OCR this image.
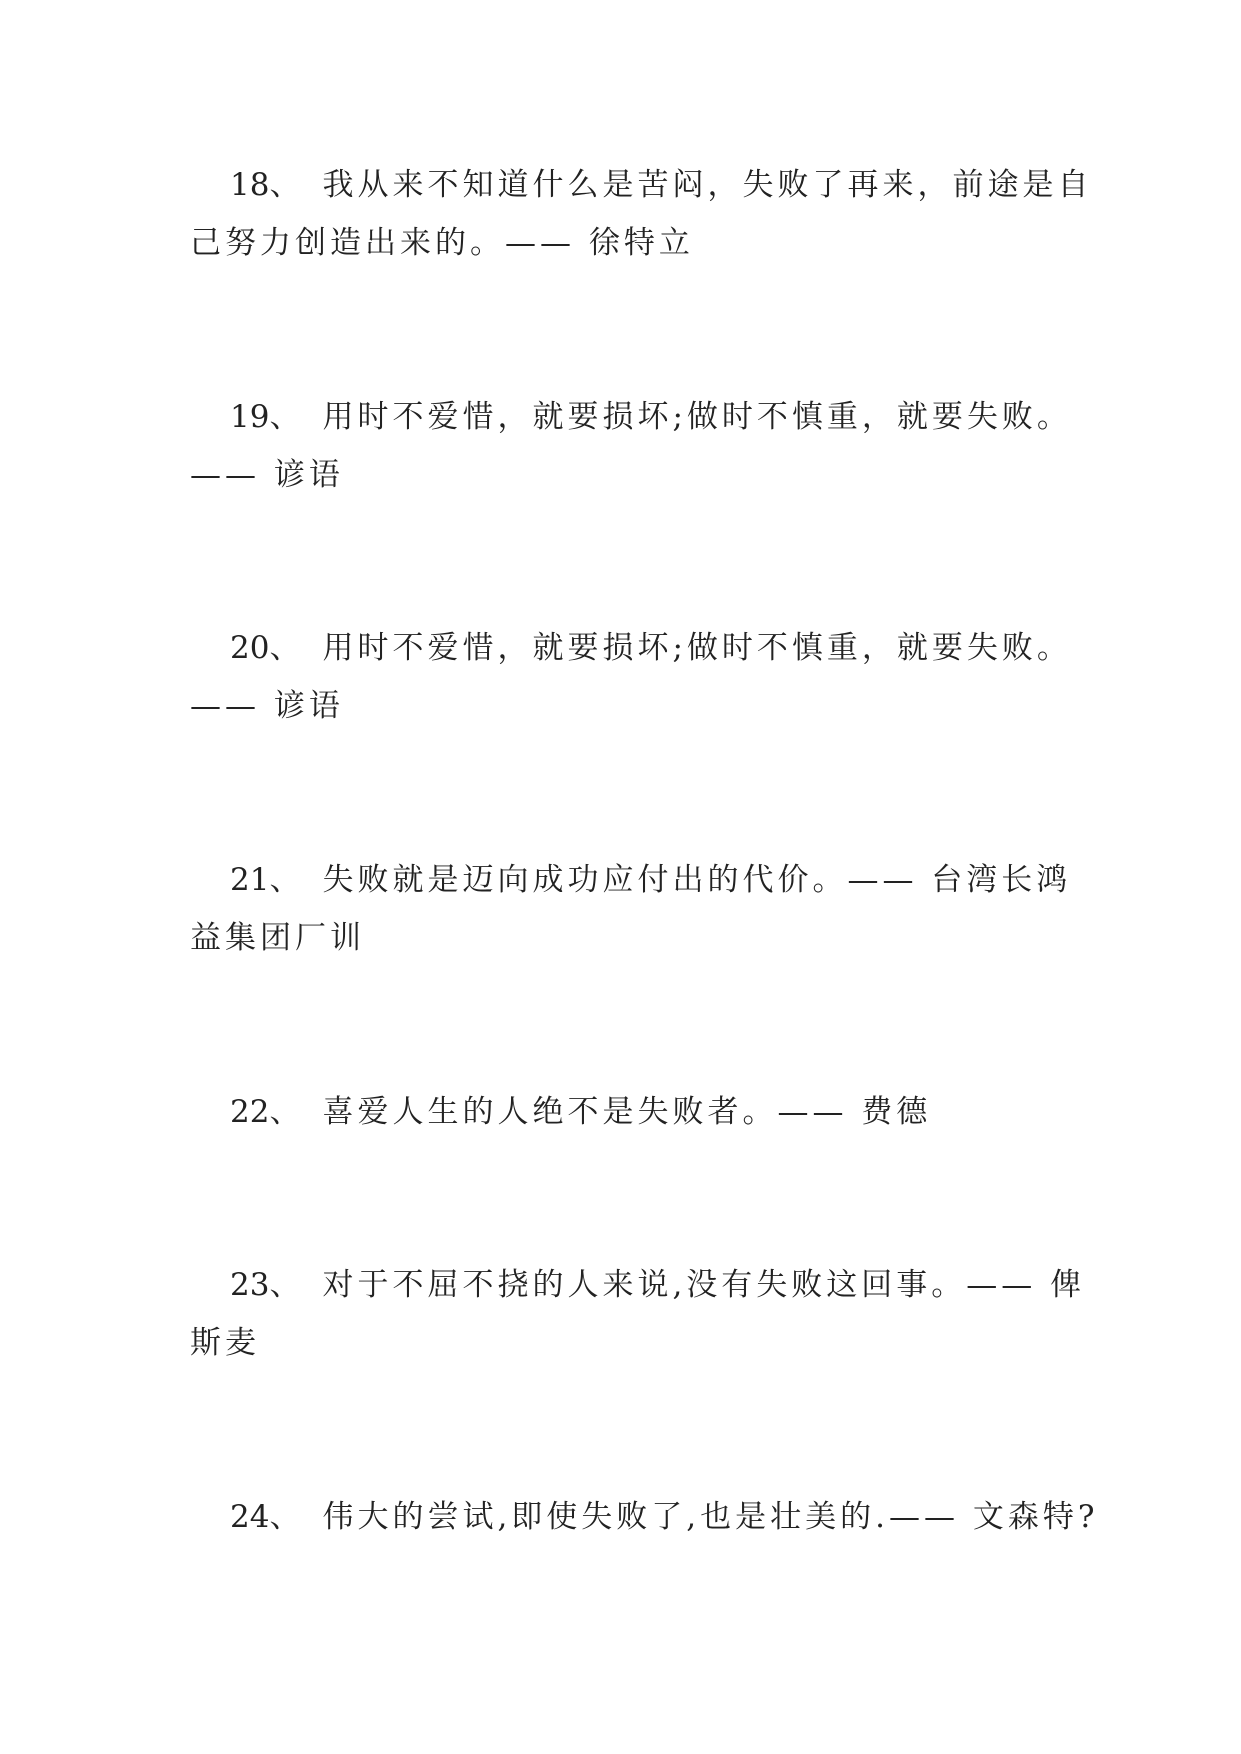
18、 我从来不知道什么是苦闷，失败了再来，前途是自
己努力创造出来的。—— 徐特立
19、 用时不爱惜，就要损坏;做时不慎重，就要失败。
—— 谚语
20、 用时不爱惜，就要损坏;做时不慎重，就要失败。
—— 谚语
21、 失败就是迈向成功应付出的代价。—— 台湾长鸿
益集团厂训
22、 喜爱人生的人绝不是失败者。—— 费德
23、 对于不屈不挠的人来说,没有失败这回事。—— 俾
斯麦
24、 伟大的尝试,即使失败了,也是壮美的.—— 文森特?
